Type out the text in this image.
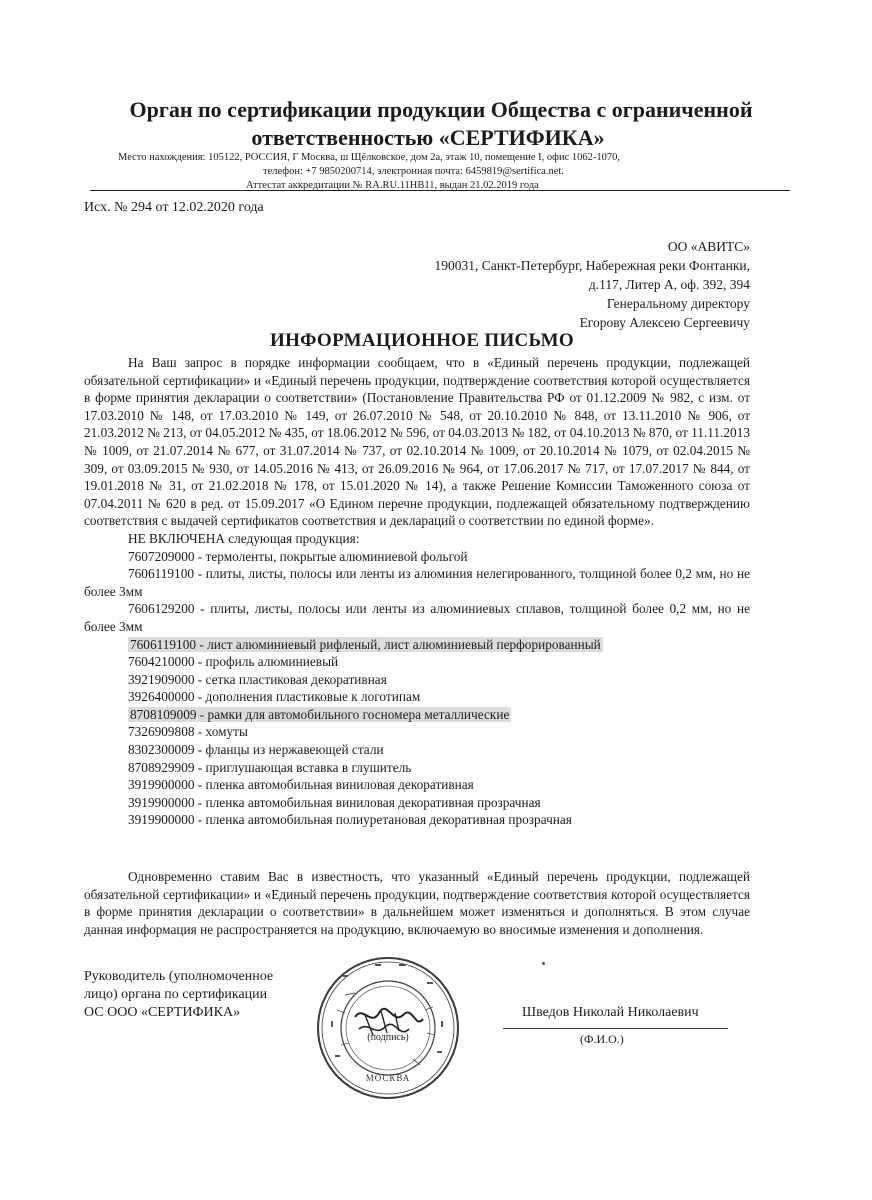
Орган по сертификации продукции Общества с ограниченной
ответственностью «СЕРТИФИКА»
Место нахождения: 105122, РОССИЯ, Г Москва, ш Щёлковское, дом 2а, этаж 10, помещение I, офис 1062-1070,
телефон: +7 9850200714, электронная почта: 6459819@sertifica.net.
Аттестат аккредитации № RA.RU.11НВ11, выдан 21.02.2019 года
Исх. № 294 от 12.02.2020 года
ОО «АВИТС»
190031, Санкт-Петербург, Набережная реки Фонтанки,
д.117, Литер А, оф. 392, 394
Генеральному директору
Егорову Алексею Сергеевичу
ИНФОРМАЦИОННОЕ ПИСЬМО

На Ваш запрос в порядке информации сообщаем, что в «Единый перечень продукции, подлежащей обязательной сертификации» и «Единый перечень продукции, подтверждение соответствия которой осуществляется в форме принятия декларации о соответствии» (Постановление Правительства РФ от 01.12.2009 № 982, с изм. от 17.03.2010 № 148, от 17.03.2010 № 149, от 26.07.2010 № 548, от 20.10.2010 № 848, от 13.11.2010 № 906, от 21.03.2012 № 213, от 04.05.2012 № 435, от 18.06.2012 № 596, от 04.03.2013 № 182, от 04.10.2013 № 870, от 11.11.2013 № 1009, от 21.07.2014 № 677, от 31.07.2014 № 737, от 02.10.2014 № 1009, от 20.10.2014 № 1079, от 02.04.2015 № 309, от 03.09.2015 № 930, от 14.05.2016 № 413, от 26.09.2016 № 964, от 17.06.2017 № 717, от 17.07.2017 № 844, от 19.01.2018 № 31, от 21.02.2018 № 178, от 15.01.2020 № 14), а также Решение Комиссии Таможенного союза от 07.04.2011 № 620 в ред. от 15.09.2017 «О Едином перечне продукции, подлежащей обязательному подтверждению соответствия с выдачей сертификатов соответствия и деклараций о соответствии по единой форме».

НЕ ВКЛЮЧЕНА следующая продукция:

7607209000 - термоленты, покрытые алюминиевой фольгой

7606119100 - плиты, листы, полосы или ленты из алюминия нелегированного, толщиной более 0,2 мм, но не более 3мм

7606129200 - плиты, листы, полосы или ленты из алюминиевых сплавов, толщиной более 0,2 мм, но не более 3мм

7606119100 - лист алюминиевый рифленый, лист алюминиевый перфорированный

7604210000 - профиль алюминиевый

3921909000 - сетка пластиковая декоративная

3926400000 - дополнения пластиковые к логотипам

8708109009 - рамки для автомобильного госномера металлические

7326909808 - хомуты

8302300009 - фланцы из нержавеющей стали

8708929909 - приглушающая вставка в глушитель

3919900000 - пленка автомобильная виниловая декоративная

3919900000 - пленка автомобильная виниловая декоративная прозрачная

3919900000 - пленка автомобильная полиуретановая декоративная прозрачная

Одновременно ставим Вас в известность, что указанный «Единый перечень продукции, подлежащей обязательной сертификации» и «Единый перечень продукции, подтверждение соответствия которой осуществляется в форме принятия декларации о соответствии» в дальнейшем может изменяться и дополняться. В этом случае данная информация не распространяется на продукцию, включаемую во вносимые изменения и дополнения.

Руководитель (уполномоченное
лицо) органа по сертификации
ОС ООО «СЕРТИФИКА»
МОСКВА
(подпись)
Шведов Николай Николаевич
(Ф.И.О.)
